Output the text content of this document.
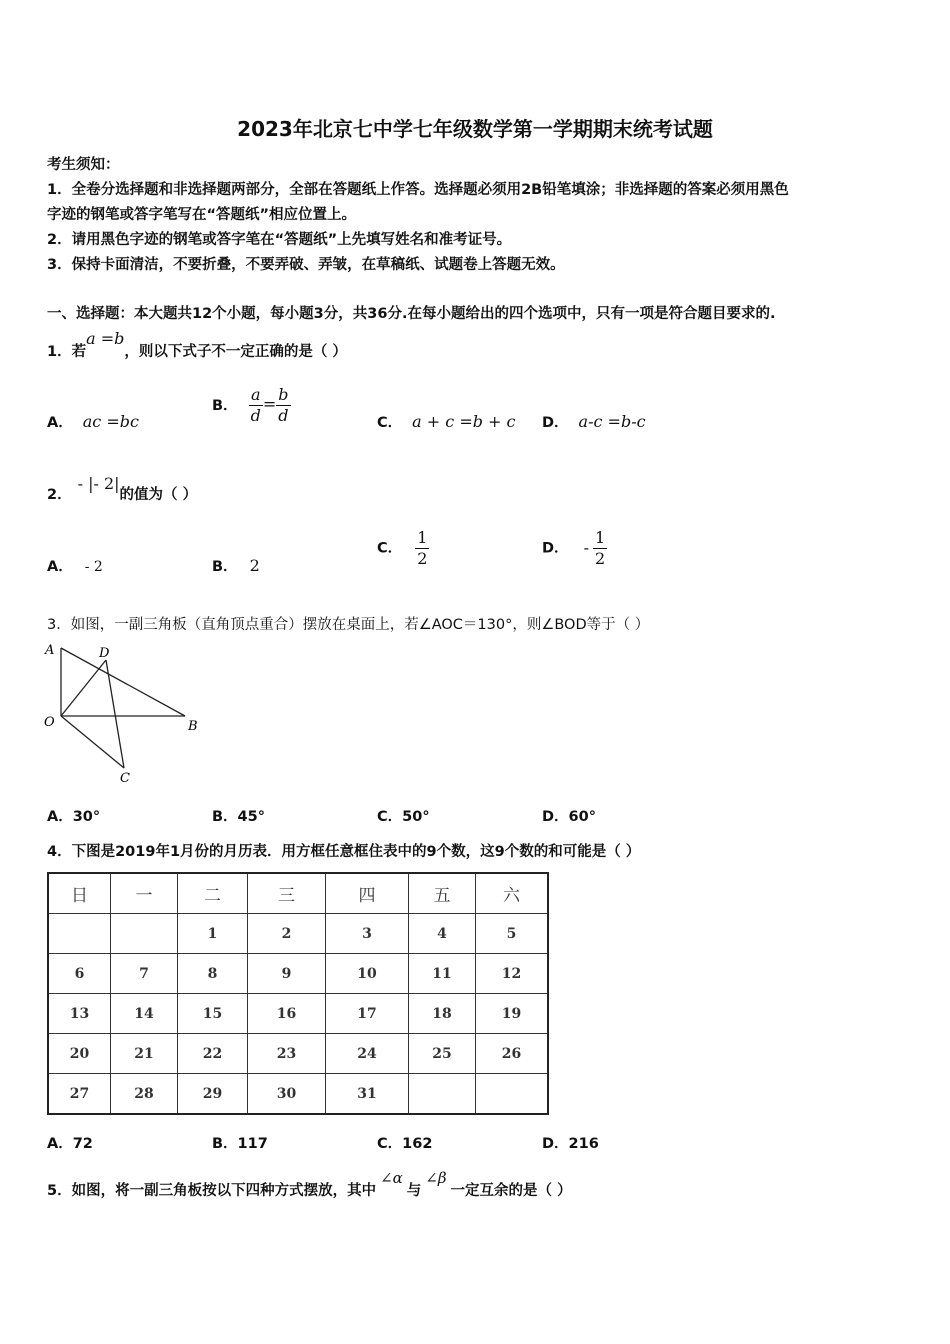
2023年北京七中学七年级数学第一学期期末统考试题
考生须知：
1．全卷分选择题和非选择题两部分，全部在答题纸上作答。选择题必须用2B铅笔填涂；非选择题的答案必须用黑色
字迹的钢笔或答字笔写在“答题纸”相应位置上。
2．请用黑色字迹的钢笔或答字笔在“答题纸”上先填写姓名和准考证号。
3．保持卡面清洁，不要折叠，不要弄破、弄皱，在草稿纸、试题卷上答题无效。
一、选择题：本大题共12个小题，每小题3分，共36分.在每小题给出的四个选项中，只有一项是符合题目要求的.
1．若a =b，则以下式子不一定正确的是（ ）
A． ac =bc
B． $\frac{a}{d} = \frac{b}{d}$	C． a + c =b + c D． a-c =b-c
2．- |- 2|的值为（ ）
A． - 2	B． 2
C． $\frac{1}{2}$	D． - $\frac{1}{2}$
3．如图，一副三角板（直角顶点重合）摆放在桌面上，若∠AOC＝130°，则∠BOD等于（ ）
A	D
O	B
C
A．30°	B．45°	C．50°	D．60°
4．下图是2019年1月份的月历表．用方框任意框住表中的9个数，这9个数的和可能是（ ）
日	一	二	三	四	五	六
		1	2	3	4	5
6	7	8	9	10	11	12
13	14	15	16	17	18	19
20	21	22	23	24	25	26
27	28	29	30	31		
A．72	B．117	C．162	D．216
5．如图，将一副三角板按以下四种方式摆放，其中∠α与∠β一定互余的是（ ）
